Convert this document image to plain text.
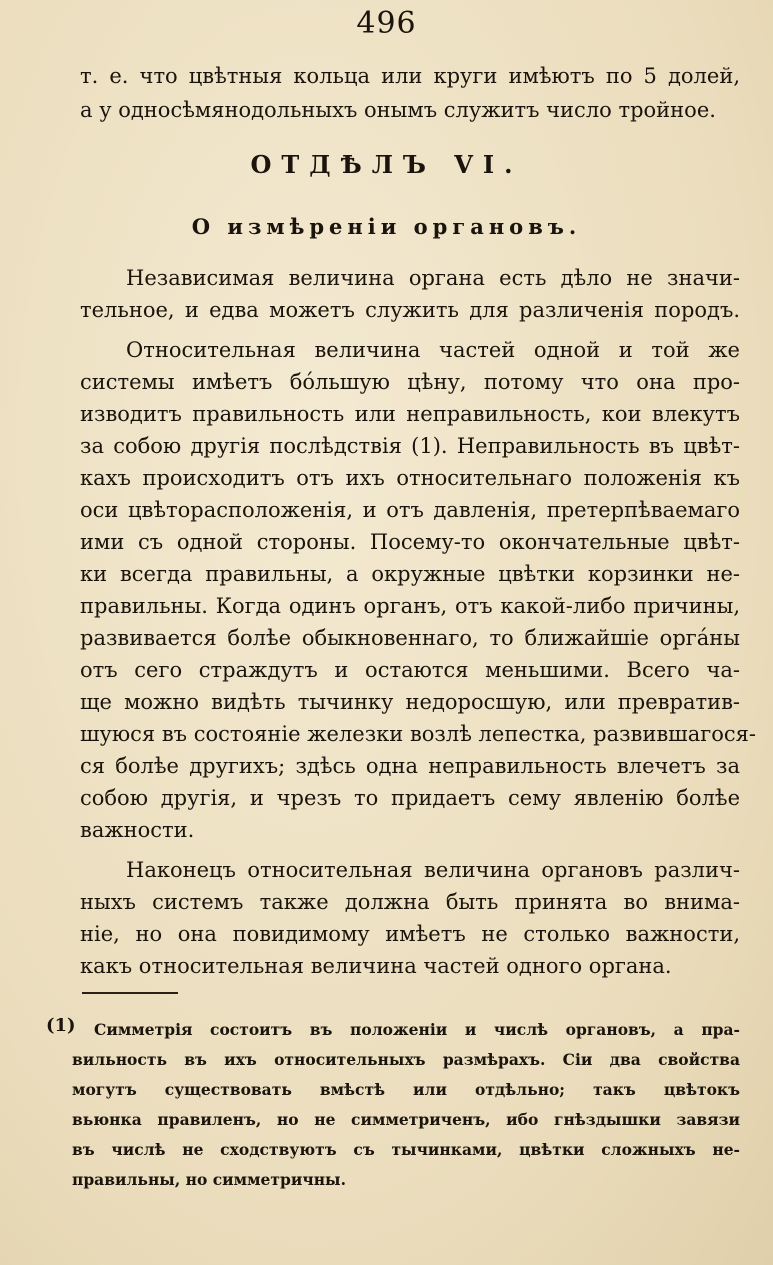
496
т. е. что цвѣтныя кольца или круги имѣютъ по 5 долей,
а у односѣмянодольныхъ онымъ служитъ число тройное.
ОТДѢЛЪ VI.
О измѣреніи органовъ.
Независимая величина органа есть дѣло не значи-
тельное, и едва можетъ служить для различенія породъ.
Относительная величина частей одной и той же
системы имѣетъ бо́льшую цѣну, потому что она про-
изводитъ правильность или неправильность, кои влекутъ
за собою другія послѣдствія (1). Неправильность въ цвѣт-
кахъ происходитъ отъ ихъ относительнаго положенія къ
оси цвѣторасположенія, и отъ давленія, претерпѣваемаго
ими съ одной стороны. Посему-то окончательные цвѣт-
ки всегда правильны, а окружные цвѣтки корзинки не-
правильны. Когда одинъ органъ, отъ какой-либо причины,
развивается болѣе обыкновеннаго, то ближайшіе орга́ны
отъ сего страждутъ и остаются меньшими. Всего ча-
ще можно видѣть тычинку недоросшую, или превратив-
шуюся въ состояніе железки возлѣ лепестка, развившагося-
ся болѣе другихъ; здѣсь одна неправильность влечетъ за
собою другія, и чрезъ то придаетъ сему явленію болѣе
важности.
Наконецъ относительная величина органовъ различ-
ныхъ системъ также должна быть принята во внима-
ніе, но она повидимому имѣетъ не столько важности,
какъ относительная величина частей одного органа.
(1) Симметрія состоитъ въ положеніи и числѣ органовъ, а пра-
вильность въ ихъ относительныхъ размѣрахъ. Сіи два свойства
могутъ существовать вмѣстѣ или отдѣльно; такъ цвѣтокъ
вьюнка правиленъ, но не симметриченъ, ибо гнѣздышки завязи
въ числѣ не сходствуютъ съ тычинками, цвѣтки сложныхъ не-
правильны, но симметричны.
